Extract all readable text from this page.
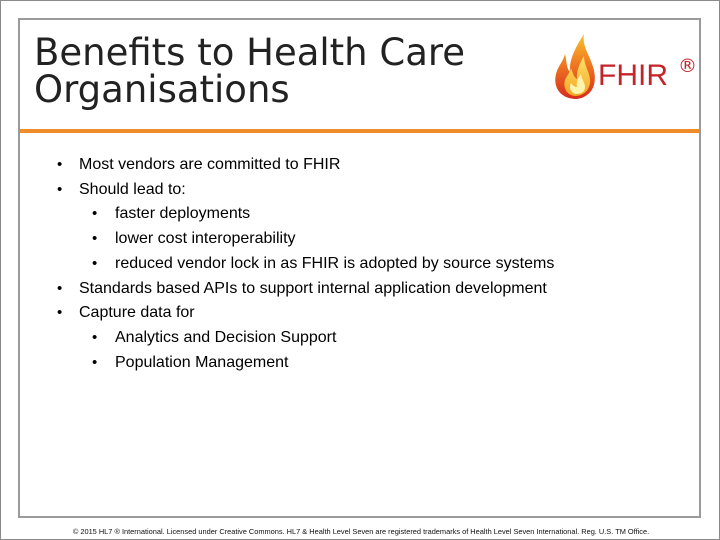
Benefits to Health Care
Organisations	FHIR ®
• Most vendors are committed to FHIR
• Should lead to:
• faster deployments
• lower cost interoperability
• reduced vendor lock in as FHIR is adopted by source systems
• Standards based APIs to support internal application development
• Capture data for
• Analytics and Decision Support
• Population Management
© 2015 HL7 ® International. Licensed under Creative Commons. HL7 & Health Level Seven are registered trademarks of Health Level Seven International. Reg. U.S. TM Office.
